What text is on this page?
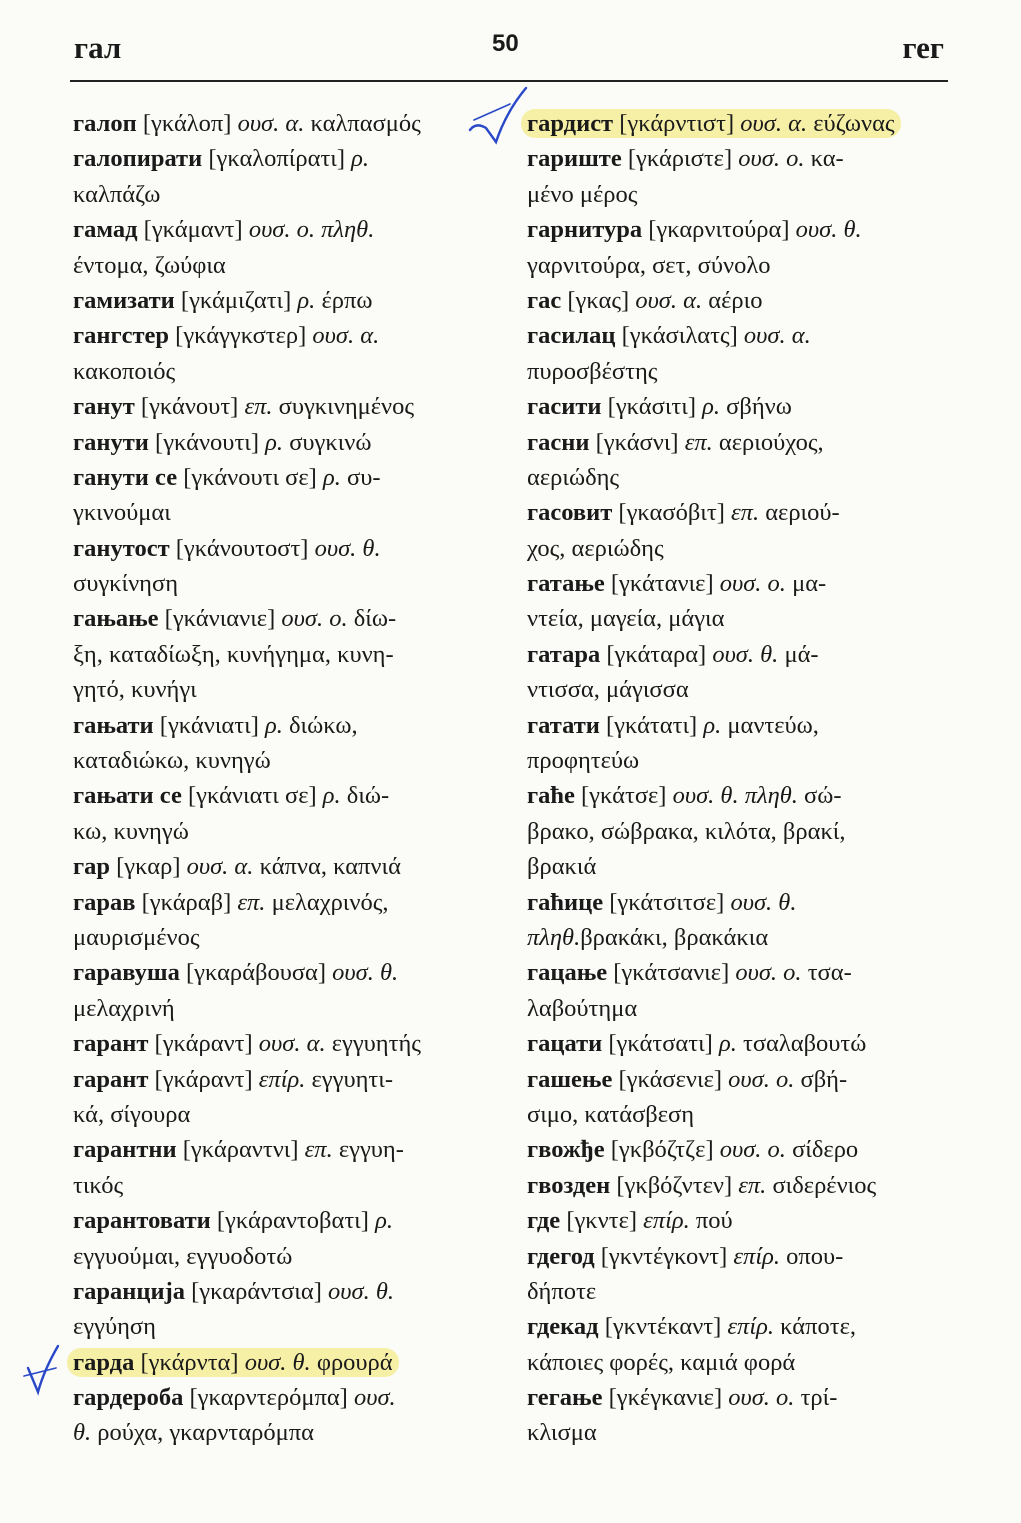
гал	50	гег
галоп [γκάλοπ] ουσ. α. καλπασμός
галопирати [γκαλοπίρατι] ρ.
καλπάζω
гамад [γκάμαντ] ουσ. ο. πληθ.
έντομα, ζωύφια
гамизати [γκάμιζατι] ρ. έρπω
гангстер [γκάγγκστερ] ουσ. α.
κακοποιός
ганут [γκάνουτ] επ. συγκινημένος
ганути [γκάνουτι] ρ. συγκινώ
ганути се [γκάνουτι σε] ρ. συ-
γκινούμαι
ганутост [γκάνουτοστ] ουσ. θ.
συγκίνηση
гањање [γκάνιανιε] ουσ. ο. δίω-
ξη, καταδίωξη, κυνήγημα, κυνη-
γητό, κυνήγι
гањати [γκάνιατι] ρ. διώκω,
καταδιώκω, κυνηγώ
гањати се [γκάνιατι σε] ρ. διώ-
κω, κυνηγώ
гар [γκαρ] ουσ. α. κάπνα, καπνιά
гарав [γκάραβ] επ. μελαχρινός,
μαυρισμένος
гаравуша [γκαράβουσα] ουσ. θ.
μελαχρινή
гарант [γκάραντ] ουσ. α. εγγυητής
гарант [γκάραντ] επίρ. εγγυητι-
κά, σίγουρα
гарантни [γκάραντνι] επ. εγγυη-
τικός
гарантовати [γκάραντοβατι] ρ.
εγγυούμαι, εγγυοδοτώ
гаранција [γκαράντσια] ουσ. θ.
εγγύηση
гарда [γκάρντα] ουσ. θ. φρουρά
гардероба [γκαρντερόμπα] ουσ.
θ. ρούχα, γκαρνταρόμπα
гардист [γκάρντιστ] ουσ. α. εύζωνας
гариште [γκάριστε] ουσ. ο. κα-
μένο μέρος
гарнитура [γκαρνιτούρα] ουσ. θ.
γαρνιτούρα, σετ, σύνολο
гас [γκας] ουσ. α. αέριο
гасилац [γκάσιλατς] ουσ. α.
πυροσβέστης
гасити [γκάσιτι] ρ. σβήνω
гасни [γκάσνι] επ. αεριούχος,
αεριώδης
гасовит [γκασόβιτ] επ. αεριού-
χος, αεριώδης
гатање [γκάτανιε] ουσ. ο. μα-
ντεία, μαγεία, μάγια
гатара [γκάταρα] ουσ. θ. μά-
ντισσα, μάγισσα
гатати [γκάτατι] ρ. μαντεύω,
προφητεύω
гаће [γκάτσε] ουσ. θ. πληθ. σώ-
βρακο, σώβρακα, κιλότα, βρακί,
βρακιά
гаћице [γκάτσιτσε] ουσ. θ.
πληθ.βρακάκι, βρακάκια
гацање [γκάτσανιε] ουσ. ο. τσα-
λαβούτημα
гацати [γκάτσατι] ρ. τσαλαβουτώ
гашење [γκάσενιε] ουσ. ο. σβή-
σιμο, κατάσβεση
гвожђе [γκβόζτζε] ουσ. ο. σίδερο
гвозден [γκβόζντεν] επ. σιδερένιος
где [γκντε] επίρ. πού
гдегод [γκντέγκοντ] επίρ. οπου-
δήποτε
гдекад [γκντέκαντ] επίρ. κάποτε,
κάποιες φορές, καμιά φορά
гегање [γκέγκανιε] ουσ. ο. τρί-
κλισμα
